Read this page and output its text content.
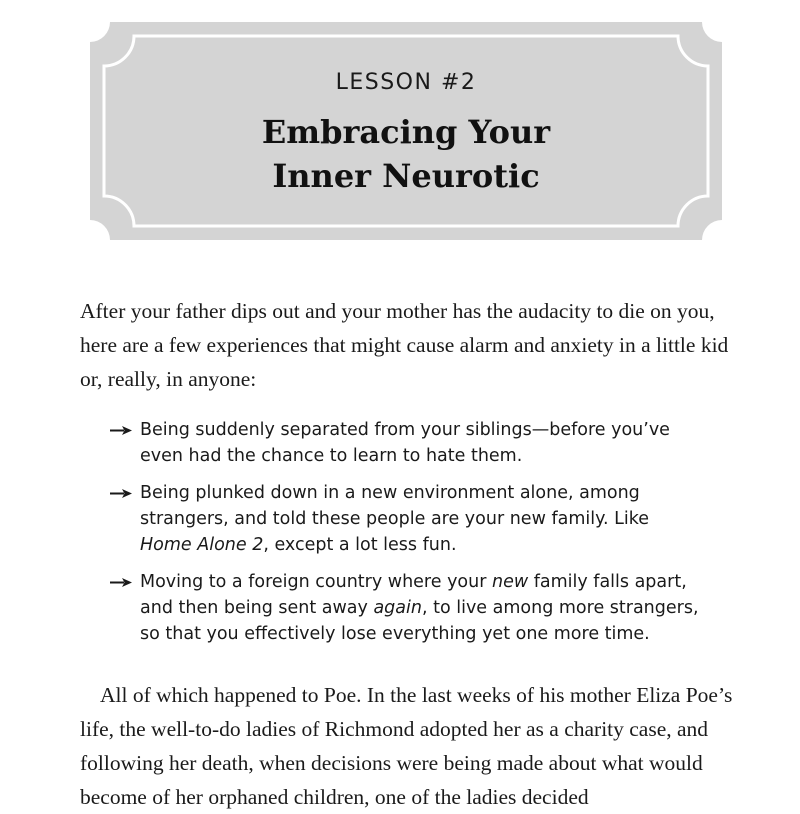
LESSON #2
Embracing Your
Inner Neurotic

After your father dips out and your mother has the audacity to die on you, here are a few experiences that might cause alarm and anxiety in a little kid or, really, in anyone:

Being suddenly separated from your siblings—before you’ve
even had the chance to learn to hate them.
Being plunked down in a new environment alone, among
strangers, and told these people are your new family. Like
Home Alone 2, except a lot less fun.
Moving to a foreign country where your new family falls apart,
and then being sent away again, to live among more strangers,
so that you effectively lose everything yet one more time.

All of which happened to Poe. In the last weeks of his mother Eliza Poe’s life, the well-to-do ladies of Richmond adopted her as a charity case, and following her death, when decisions were being made about what would become of her orphaned children, one of the ladies decided
